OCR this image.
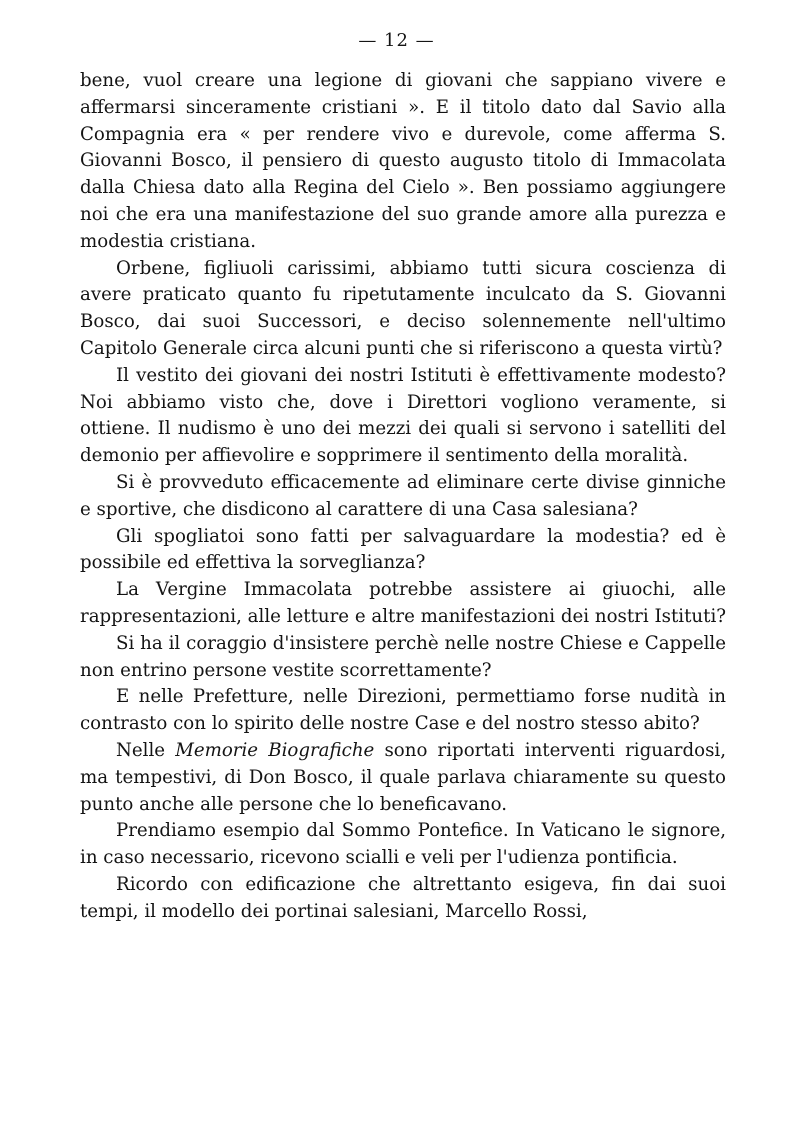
— 12 —

bene, vuol creare una legione di giovani che sappiano vivere e affermarsi sinceramente cristiani ». E il titolo dato dal Savio alla Compagnia era « per rendere vivo e durevole, come afferma S. Giovanni Bosco, il pensiero di questo augusto titolo di Immacolata dalla Chiesa dato alla Regina del Cielo ». Ben possiamo aggiungere noi che era una manifestazione del suo grande amore alla purezza e modestia cristiana.

Orbene, figliuoli carissimi, abbiamo tutti sicura coscienza di avere praticato quanto fu ripetutamente inculcato da S. Giovanni Bosco, dai suoi Successori, e deciso solennemente nell'ultimo Capitolo Generale circa alcuni punti che si riferiscono a questa virtù?

Il vestito dei giovani dei nostri Istituti è effettivamente modesto? Noi abbiamo visto che, dove i Direttori vogliono veramente, si ottiene. Il nudismo è uno dei mezzi dei quali si servono i satelliti del demonio per affievolire e sopprimere il sentimento della moralità.

Si è provveduto efficacemente ad eliminare certe divise ginniche e sportive, che disdicono al carattere di una Casa salesiana?

Gli spogliatoi sono fatti per salvaguardare la modestia? ed è possibile ed effettiva la sorveglianza?

La Vergine Immacolata potrebbe assistere ai giuochi, alle rappresentazioni, alle letture e altre manifestazioni dei nostri Istituti?

Si ha il coraggio d'insistere perchè nelle nostre Chiese e Cappelle non entrino persone vestite scorrettamente?

E nelle Prefetture, nelle Direzioni, permettiamo forse nudità in contrasto con lo spirito delle nostre Case e del nostro stesso abito?

Nelle Memorie Biografiche sono riportati interventi riguardosi, ma tempestivi, di Don Bosco, il quale parlava chiaramente su questo punto anche alle persone che lo beneficavano.

Prendiamo esempio dal Sommo Pontefice. In Vaticano le signore, in caso necessario, ricevono scialli e veli per l'udienza pontificia.

Ricordo con edificazione che altrettanto esigeva, fin dai suoi tempi, il modello dei portinai salesiani, Marcello Rossi,
